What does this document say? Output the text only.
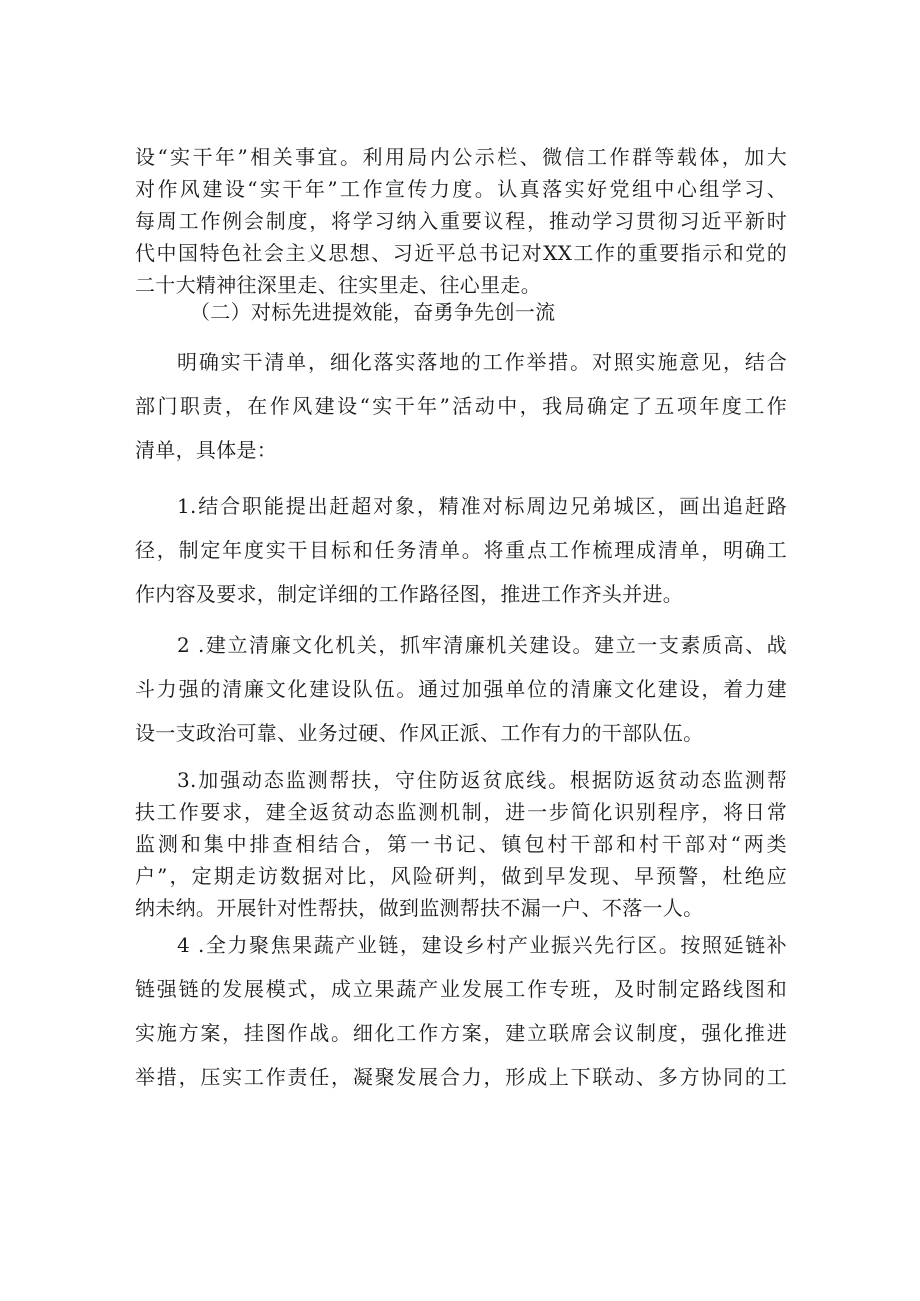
设“实干年”相关事宜。利用局内公示栏、微信工作群等载体，加大
对作风建设“实干年”工作宣传力度。认真落实好党组中心组学习、
每周工作例会制度，将学习纳入重要议程，推动学习贯彻习近平新时
代中国特色社会主义思想、习近平总书记对XX工作的重要指示和党的
二十大精神往深里走、往实里走、往心里走。
（二）对标先进提效能，奋勇争先创一流
明确实干清单，细化落实落地的工作举措。对照实施意见，结合
部门职责，在作风建设“实干年”活动中，我局确定了五项年度工作
清单，具体是：
1.结合职能提出赶超对象，精准对标周边兄弟城区，画出追赶路
径，制定年度实干目标和任务清单。将重点工作梳理成清单，明确工
作内容及要求，制定详细的工作路径图，推进工作齐头并进。
2 .建立清廉文化机关，抓牢清廉机关建设。建立一支素质高、战
斗力强的清廉文化建设队伍。通过加强单位的清廉文化建设，着力建
设一支政治可靠、业务过硬、作风正派、工作有力的干部队伍。
3.加强动态监测帮扶，守住防返贫底线。根据防返贫动态监测帮
扶工作要求，建全返贫动态监测机制，进一步简化识别程序，将日常
监测和集中排查相结合，第一书记、镇包村干部和村干部对“两类
户”，定期走访数据对比，风险研判，做到早发现、早预警，杜绝应
纳未纳。开展针对性帮扶，做到监测帮扶不漏一户、不落一人。
4 .全力聚焦果蔬产业链，建设乡村产业振兴先行区。按照延链补
链强链的发展模式，成立果蔬产业发展工作专班，及时制定路线图和
实施方案，挂图作战。细化工作方案，建立联席会议制度，强化推进
举措，压实工作责任，凝聚发展合力，形成上下联动、多方协同的工
